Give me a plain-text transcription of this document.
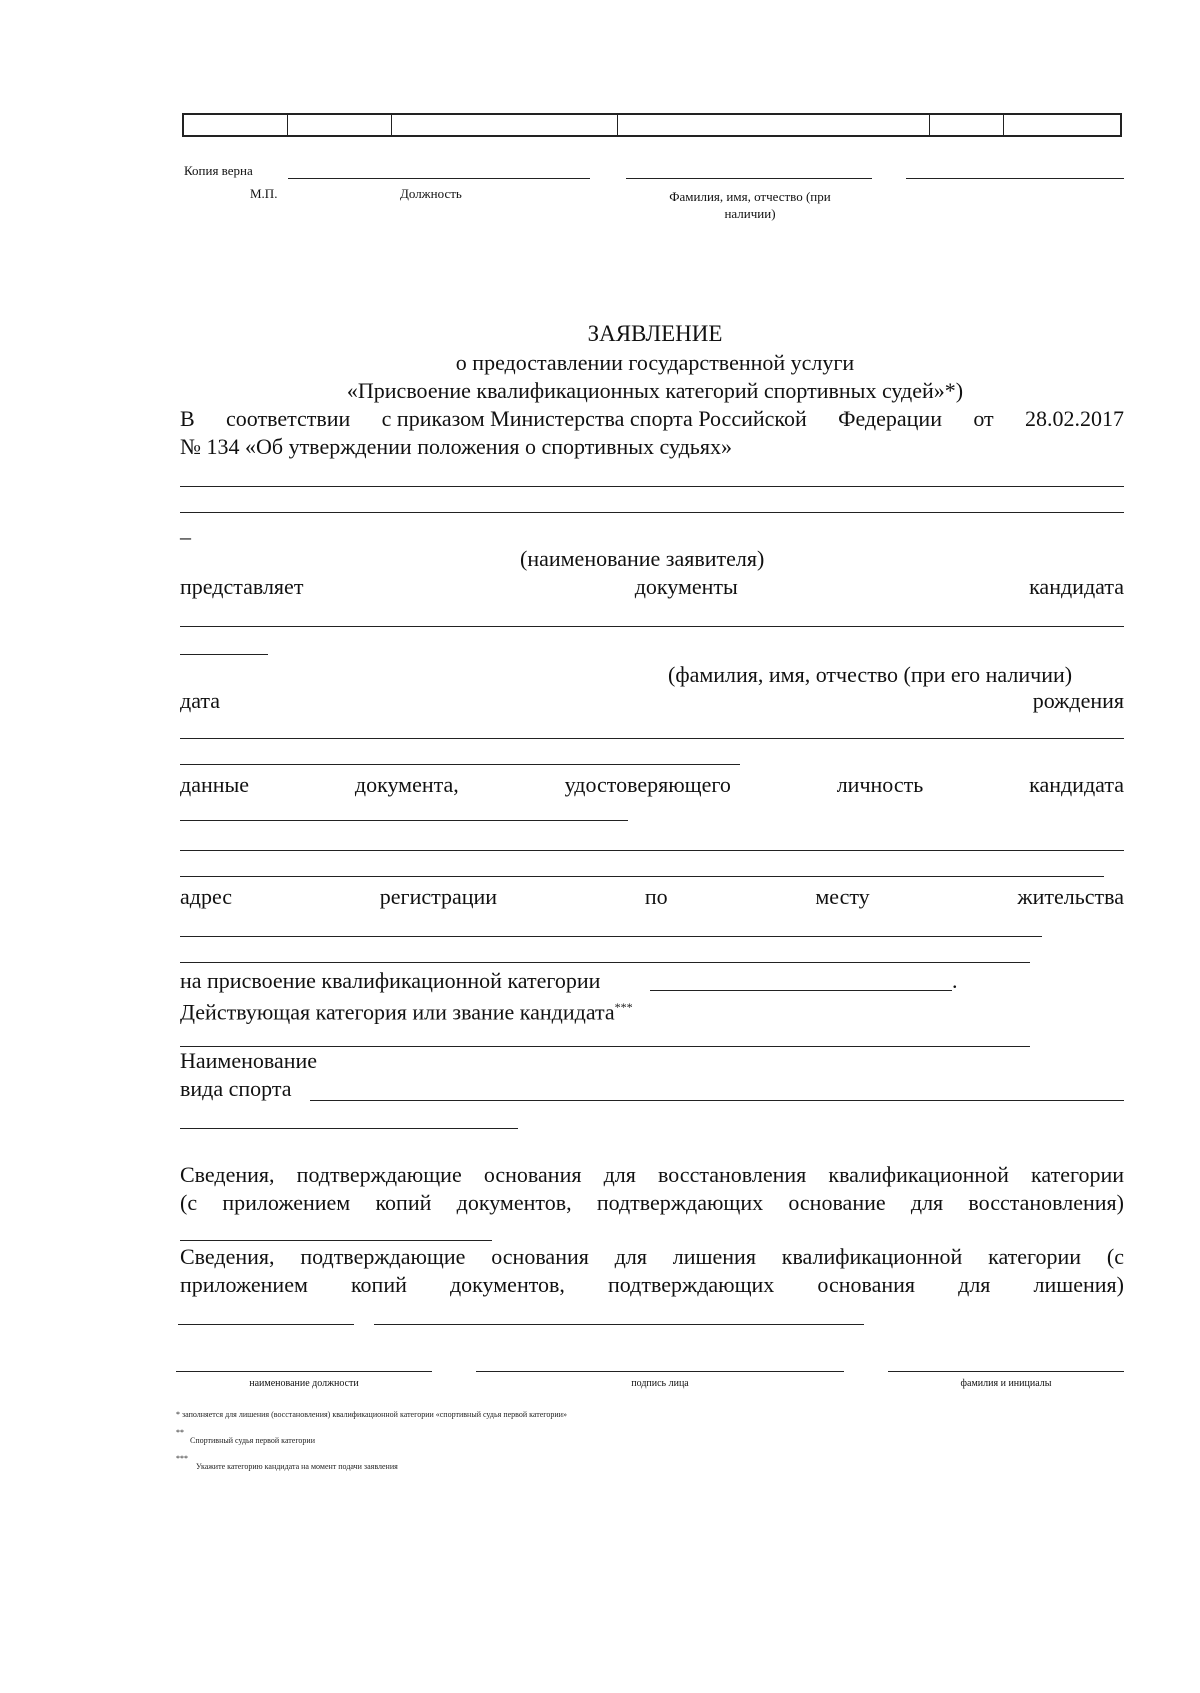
Копия верна
М.П.	Должность	Фамилия, имя, отчество (при
наличии)
ЗАЯВЛЕНИЕ
о предоставлении государственной услуги
«Присвоение квалификационных категорий спортивных судей»*)
В соответствии с приказом Министерства спорта Российской Федерации от 28.02.2017
№ 134 «Об утверждении положения о спортивных судьях»
–
(наименование заявителя)
представляет	документы	кандидата
(фамилия, имя, отчество (при его наличии)
дата	рождения
данные	документа,	удостоверяющего	личность	кандидата
адрес	регистрации	по	месту	жительства
на присвоение квалификационной категории	.
Действующая категория или звание кандидата***
Наименование
вида спорта
Сведения, подтверждающие основания для восстановления квалификационной категории
(с приложением копий документов, подтверждающих основание для восстановления)
Сведения, подтверждающие основания для лишения квалификационной категории (с
приложением копий документов, подтверждающих основания для лишения)
наименование должности	подпись лица	фамилия и инициалы
* заполняется для лишения (восстановления) квалификационной категории «спортивный судья первой категории»
**
Спортивный судья первой категории
***
Укажите категорию кандидата на момент подачи заявления
